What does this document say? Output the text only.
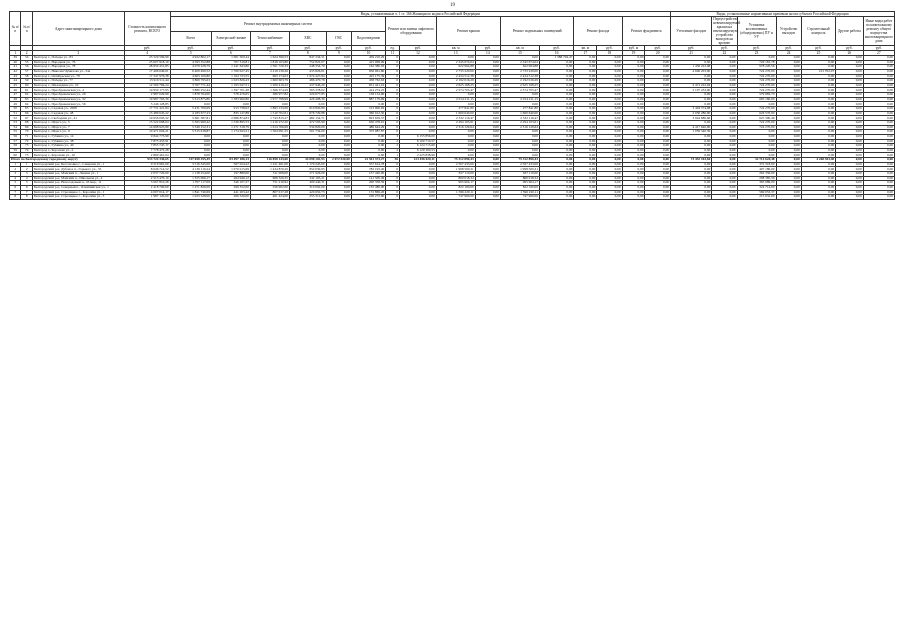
19
№ п/п	№ п/п	Адрес многоквартирного дома	Стоимость капитального ремонта, ВСЕГО	Виды, установленные ч. 1 ст. 166 Жилищного кодекса Российской Федерации																Виды, установленные нормативным правовым актом субъекта Российской Федерации						
				Ремонт внутридомовых инженерных систем						Ремонт или замена лифтового оборудования		Ремонт крыши		Ремонт подвальных помещений		Ремонт фасада		Ремонт фундамента		Утепление фасадов	Переустройство невентилируемой крыши на вентилируемую, устройство выходов на кровлю	Установка коллективных (общедомовых) ПУ и УУ	Устройство выходов	Строительный контроль	Другие работы	Иные виды работ по капитальному ремонту общего имущества многоквартирного дома
				Всего	Электроснаб-жение	Теплоснабжение	ХВС	ГВС	Водоотведение																	
			руб.	руб.	руб.	руб.	руб.	руб.	руб.	ед.	руб.	кв. м	руб.	кв. м	руб.	кв. м	руб.	куб. м	руб.	руб.	руб.	руб.	руб.	руб.	руб.	руб.
1	2	3	4	5	6	7	8	9	10	11	12	13	14	15	16	17	18	19	20	21	22	23	24	25	26	27
39	54	Белгород г., Победы ул., 83	23 529 599,99	4 922 802,17	1 001 500,44	1 624 390,53	847 234,51	0,00	459 210,29	0	0,00	0,00	0,00	0,00	1 588 794,47	0,00	0,00	0,00	0,00	0,00	0,00	0,00	0,00	0,00	0,00	0,00
40	55	Белгород г., Народная ул., 76	25 007 918,10	4 593 352,88	707 319,81	1 818 103,80	752 822,07	0,00	415 069,09	0	0,00	2 345 674,04	0,00	2 345 674,04	0,00	0,00	0,00	0,00	0,00	0,00	0,00	726 181,78	0,00	0,00	0,00	0,00
41	56	Белгород г., Народная ул., 78	28 659 451,85	4 079 228,79	1 241 643,80	1 501 720,33	248 354,70	0,00	162 380,93	0	0,00	622 964,88	0,00	622 964,88	0,00	0,00	0,00	0,00	0,00	1 456 222,08	0,00	978 220,56	0,00	0,00	0,00	0,00
42	57	Белгород г., Николая Чумичова ул., 34а	17 496 649,01	6 409 490,52	1 760 027,45	2 219 130,26	433 826,01	0,00	956 961,80	0	0,00	2 733 220,00	0,00	2 733 220,00	0,00	0,00	0,00	0,00	0,00	4 606 203,00	0,00	724 270,00	0,00	101 702,07	0,00	0,00
43	58	Белгород г., Октябрьская ул., 78	17 347 976,38	4 603 100,80	1 164 723,55	663 174,03	1 974 427,84	0,00	425 175,39	0	0,00	2 434 512,38	0,00	2 434 512,38	0,00	0,00	0,00	0,00	0,00	0,00	0,00	724 270,00	0,00	0,00	0,00	0,00
44	59	Белгород г., Победы ул., 77	13 916 511,44	3 869 795,63	1 023 826,43	1 600 603,79	486 470,79	0,00	458 762,63	0	0,00	2 192 016,29	0,00	2 192 016,29	0,00	0,00	0,00	0,00	0,00	0,00	0,00	724 270,00	0,00	0,00	0,00	0,00
45	60	Белгород г., Шаландина ул., 10	12 500 784,24	3 767 771,44	1 165 047,51	1 209 410,22	437 946,20	0,00	651 441,16	0	0,00	2 625 168,25	0,00	2 625 168,25	0,00	0,00	0,00	0,00	0,00	2 471 222,04	0,00	724 270,00	0,00	0,00	0,00	0,00
46	61	Белгород г., Преображенская ул., 4	19 959 177,95	3 880 252,44	1 397 701,48	1 366 374,29	563 378,02	0,00	414 274,25	0	0,00	2 574 705,47	0,00	2 574 705,47	0,00	0,00	0,00	0,00	0,00	5 197 233,00	0,00	724 270,00	0,00	0,00	0,00	0,00
47	62	Белгород г., Преображенская ул., 26	2 987 029,99	1 878 764,00	578 476,65	380 977,82	320 677,85	0,00	158 154,90	0	0,00	0,00	0,00	0,00	0,00	0,00	0,00	0,00	0,00	0,00	0,00	579 983,70	0,00	0,00	0,00	0,00
48	63	Белгород г., Преображенская ул., 32	19 987 763,39	5 613 875,80	1 383 960,86	1 977 798,99	426 408,30	0,00	887 179,09	0	0,00	2 014 211,15	0,00	2 014 211,15	0,00	0,00	0,00	0,00	0,00	0,00	0,00	605 160,00	0,00	0,00	0,00	0,00
49	64	Белгород г., Преображенская ул., 56	5 246 128,85	0,00	0,00	0,00	0,00	0,00	0,00	0	0,00	0,00	0,00	0,00	0,00	0,00	0,00	0,00	0,00	0,00	0,00	0,00	0,00	0,00	0,00	0,00
50	65	Белгород г., Садовая ул., 2008	17 731 421,84	5 431 700,09	913 738,02	1 893 133,06	610 820,80	0,00	513 000,92	0	0,00	277 841,80	0,00	277 841,80	0,00	0,00	0,00	0,00	0,00	3 404 574,98	0,00	724 270,00	0,00	0,00	0,00	0,00
51	66	Белгород г., Садовая ул., 48	13 489 645,22	4 183 677,23	835 147,88	1 510 702,61	676 729,88	0,00	360 912,50	0	0,00	1 660 640,00	0,00	1 660 640,00	0,00	0,00	0,00	0,00	0,00	2 030 280,00	0,00	626 570,00	0,00	0,00	0,00	0,00
52	67	Белгород г., Свободная ул., 41	19 656 093,32	5 661 587,81	2 086 874,83	1 743 815,27	482 154,71	0,00	823 659,37	0	0,00	2 332 116,47	0,00	2 332 116,47	0,00	0,00	0,00	0,00	0,00	3 944 680,66	0,00	625 390,46	0,00	0,00	0,00	0,00
53	68	Белгород г., Щорса ул., 5	15 522 068,04	5 365 969,42	1 536 895,53	1 416 272,20	472 503,99	0,00	630 478,01	0	0,00	2 294 103,61	0,00	2 294 103,61	0,00	0,00	0,00	0,00	0,00	0,00	0,00	724 270,00	0,00	0,00	0,00	0,00
54	69	Белгород г., Щорса ул., 7	14 698 925,89	5 349 152,31	1 271 318,79	1 614 766,69	534 820,00	0,00	486 644,29	0	0,00	2 316 129,64	0,00	2 316 129,64	0,00	0,00	0,00	0,00	0,00	4 417 640,00	0,00	724 270,00	0,00	0,00	0,00	0,00
55	70	Белгород г., Щорса ул., 9	10 471 004,21	5 315 618,87	1 174 643,21	1 564 091,25	501 734,00	0,00	375 087,87	0	0,00	0,00	0,00	0,00	0,00	0,00	0,00	0,00	0,00	1 059 340,39	0,00	0,00	0,00	0,00	0,00	0,00
56	71	Белгород г., Губкина ул., 14	9 844 773,99	0,00	0,00	0,00	0,00	0,00	0,00	3	6 155 856,00	0,00	0,00	0,00	0,00	0,00	0,00	0,00	0,00	0,00	0,00	0,00	0,00	0,00	0,00	0,00
57	72	Белгород г., Губкина ул., 38	7 873 453,91	0,00	0,00	0,00	0,00	0,00	0,00	2	6 100 710,57	0,00	0,00	0,00	0,00	0,00	0,00	0,00	0,00	0,00	0,00	0,00	0,00	0,00	0,00	0,00
58	73	Белгород г., Губкина ул., 40	7 855 747,17	0,00	0,00	0,00	0,00	0,00	0,00	2	6 124 715,69	0,00	0,00	0,00	0,00	0,00	0,00	0,00	0,00	0,00	0,00	0,00	0,00	0,00	0,00	0,00
59	74	Белгород г., Королева ул., 2	7 778 472,28	0,00	0,00	0,00	0,00	0,00	0,00	2	6 129 300,53	0,00	0,00	0,00	0,00	0,00	0,00	0,00	0,00	0,00	0,00	0,00	0,00	0,00	0,00	0,00
60	75	Белгород г., Королева ул., 10	2 860 461,04	0,00	0,00	0,00	0,00	0,00	0,00	1	2 225 838,99	0,00	0,00	0,00	0,00	0,00	0,00	0,00	0,00	0,00	0,00	0,00	0,00	0,00	0,00	0,00
Итого по Белгородскому городскому округу			913 724 336,65	317 658 355,49	83 497 186,13	116 858 143,60	34 098 102,93	2 072 520,00	22 591 373,27	56	123 456 020,11	75 312 890,43	0,00	75 312 890,43	0,00	0,00	0,00	0,00	0,00	73 452 163,60	0,00	32 714 620,48	0,00	4 268 303,48	0,00	0,00
1	1	Белгородский р-н, Бессоновка с., Северная ул., 1	9 516 981,00	3 516 345,00	567 024,22	1 221 461,00	1 170 245,00	0,00	557 614,78	0	0,00	2 567 433,00	0,00	2 567 433,00	0,00	0,00	0,00	0,00	0,00	0,00	0,00	372 318,00	0,00	0,00	0,00	0,00
2	2	Белгородский р-н, Дубовое п., Горького ул., 35	8 046 714,52	4 139 110,24	1 070 015,69	1 434 870,20	852 030,95	0,00	782 193,40	0	0,00	1 998 500,31	0,00	1 998 500,31	0,00	0,00	0,00	0,00	0,00	0,00	0,00	497 180,00	0,00	0,00	0,00	0,00
3	3	Белгородский р-н, Майский п., Ленина ул., 1	2 037 720,00	1 138 254,00	197 880,00	511 008,00	271 926,00	0,00	157 440,00	0	0,00	637 110,00	0,00	637 110,00	0,00	0,00	0,00	0,00	0,00	0,00	0,00	262 356,00	0,00	0,00	0,00	0,00
4	4	Белгородский р-н, Майский п., Школьная ул., 4	2 513 470,10	1 355 066,17	264 940,12	606 520,35	342 105,21	0,00	141 500,49	0	0,00	860 018,34	0,00	860 018,34	0,00	0,00	0,00	0,00	0,00	0,00	0,00	298 385,59	0,00	0,00	0,00	0,00
5	5	Белгородский р-н, Новосадовый п., 43 мкр., 11	3 067 810,26	1 707 117,09	346 107,27	751 210,92	409 440,31	0,00	200 358,59	0	0,00	995 604,17	0,00	995 604,17	0,00	0,00	0,00	0,00	0,00	0,00	0,00	365 089,00	0,00	0,00	0,00	0,00
6	6	Белгородский р-н, Северный п., Олимпийская ул., 1	2 418 700,00	1 271 826,00	269 352,00	556 902,00	310 092,00	0,00	135 480,00	0	0,00	822 160,00	0,00	822 160,00	0,00	0,00	0,00	0,00	0,00	0,00	0,00	324 714,00	0,00	0,00	0,00	0,00
7	7	Белгородский р-н, Стрелецкое с., Королёва ул., 1	4 007 014,17	1 841 740,69	441 203,42	807 017,28	420 650,73	0,00	172 869,26	0	0,00	1 596 220,11	0,00	1 596 220,11	0,00	0,00	0,00	0,00	0,00	0,00	0,00	569 053,37	0,00	0,00	0,00	0,00
8	8	Белгородский р-н, Стрелецкое с., Королёва ул., 3	1 987 120,00	1 023 528,00	206 520,00	461 424,00	255 312,00	0,00	100 272,00	0	0,00	747 960,00	0,00	747 960,00	0,00	0,00	0,00	0,00	0,00	0,00	0,00	215 632,00	0,00	0,00	0,00	0,00
